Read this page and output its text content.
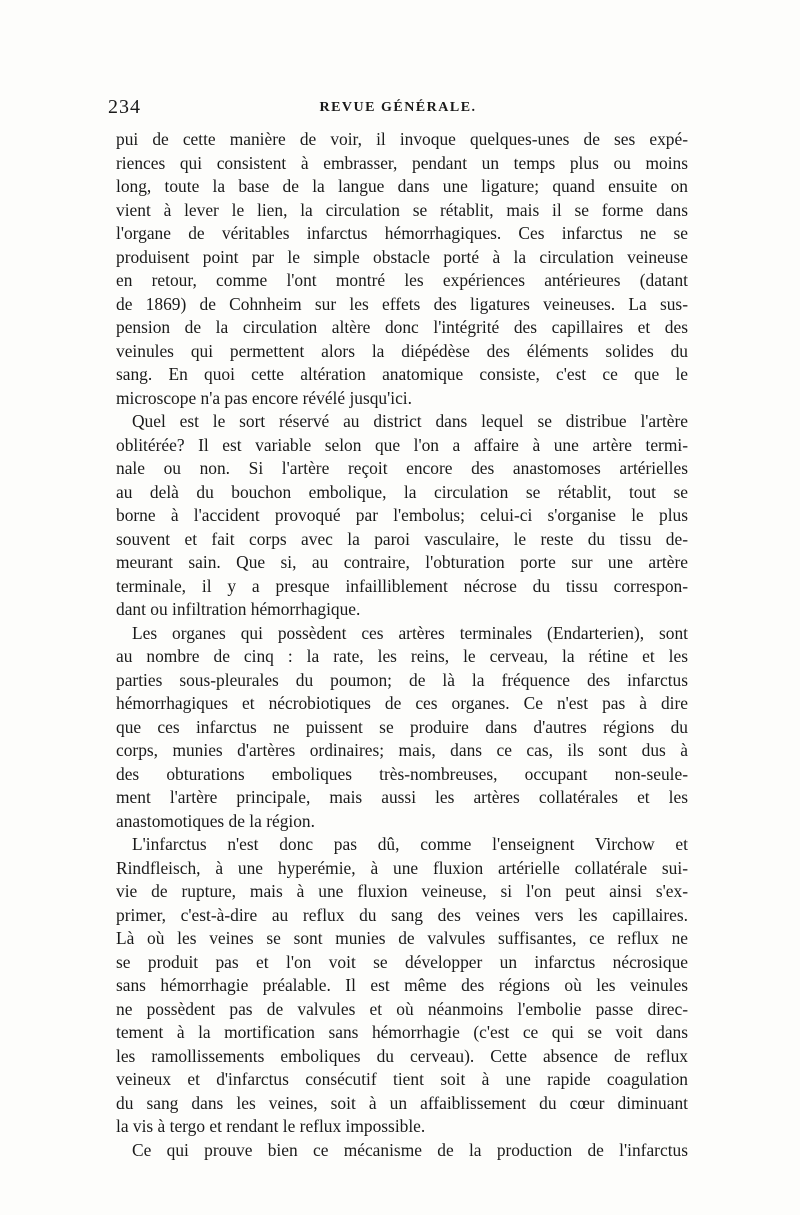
234	REVUE GÉNÉRALE.
pui de cette manière de voir, il invoque quelques-unes de ses expé-
riences qui consistent à embrasser, pendant un temps plus ou moins
long, toute la base de la langue dans une ligature; quand ensuite on
vient à lever le lien, la circulation se rétablit, mais il se forme dans
l'organe de véritables infarctus hémorrhagiques. Ces infarctus ne se
produisent point par le simple obstacle porté à la circulation veineuse
en retour, comme l'ont montré les expériences antérieures (datant
de 1869) de Cohnheim sur les effets des ligatures veineuses. La sus-
pension de la circulation altère donc l'intégrité des capillaires et des
veinules qui permettent alors la diépédèse des éléments solides du
sang. En quoi cette altération anatomique consiste, c'est ce que le
microscope n'a pas encore révélé jusqu'ici.
Quel est le sort réservé au district dans lequel se distribue l'artère
oblitérée? Il est variable selon que l'on a affaire à une artère termi-
nale ou non. Si l'artère reçoit encore des anastomoses artérielles
au delà du bouchon embolique, la circulation se rétablit, tout se
borne à l'accident provoqué par l'embolus; celui-ci s'organise le plus
souvent et fait corps avec la paroi vasculaire, le reste du tissu de-
meurant sain. Que si, au contraire, l'obturation porte sur une artère
terminale, il y a presque infailliblement nécrose du tissu correspon-
dant ou infiltration hémorrhagique.
Les organes qui possèdent ces artères terminales (Endarterien), sont
au nombre de cinq : la rate, les reins, le cerveau, la rétine et les
parties sous-pleurales du poumon; de là la fréquence des infarctus
hémorrhagiques et nécrobiotiques de ces organes. Ce n'est pas à dire
que ces infarctus ne puissent se produire dans d'autres régions du
corps, munies d'artères ordinaires; mais, dans ce cas, ils sont dus à
des obturations emboliques très-nombreuses, occupant non-seule-
ment l'artère principale, mais aussi les artères collatérales et les
anastomotiques de la région.
L'infarctus n'est donc pas dû, comme l'enseignent Virchow et
Rindfleisch, à une hyperémie, à une fluxion artérielle collatérale sui-
vie de rupture, mais à une fluxion veineuse, si l'on peut ainsi s'ex-
primer, c'est-à-dire au reflux du sang des veines vers les capillaires.
Là où les veines se sont munies de valvules suffisantes, ce reflux ne
se produit pas et l'on voit se développer un infarctus nécrosique
sans hémorrhagie préalable. Il est même des régions où les veinules
ne possèdent pas de valvules et où néanmoins l'embolie passe direc-
tement à la mortification sans hémorrhagie (c'est ce qui se voit dans
les ramollissements emboliques du cerveau). Cette absence de reflux
veineux et d'infarctus consécutif tient soit à une rapide coagulation
du sang dans les veines, soit à un affaiblissement du cœur diminuant
la vis à tergo et rendant le reflux impossible.
Ce qui prouve bien ce mécanisme de la production de l'infarctus
